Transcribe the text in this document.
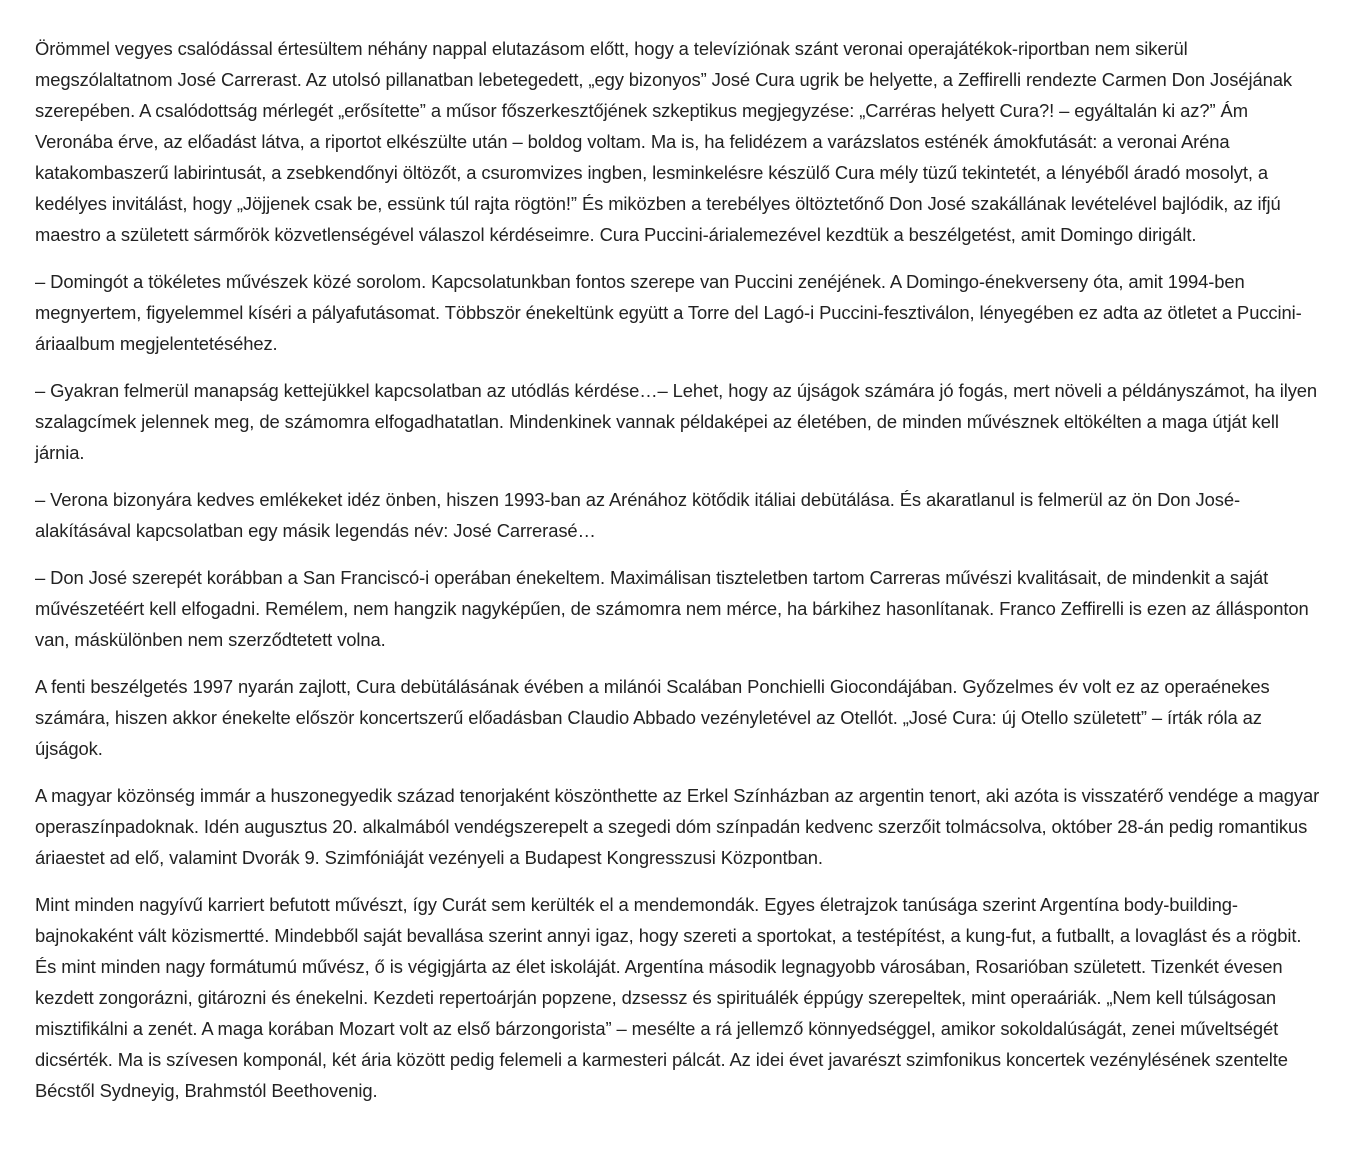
Örömmel vegyes csalódással értesültem néhány nappal elutazásom előtt, hogy a televíziónak szánt veronai operajátékok-riportban nem sikerül megszólaltatnom José Carrerast. Az utolsó pillanatban lebetegedett, „egy bizonyos” José Cura ugrik be helyette, a Zeffirelli rendezte Carmen Don Joséjának szerepében. A csalódottság mérlegét „erősítette” a műsor főszerkesztőjének szkeptikus megjegyzése: „Carréras helyett Cura?! – egyáltalán ki az?” Ám Veronába érve, az előadást látva, a riportot elkészülte után – boldog voltam. Ma is, ha felidézem a varázslatos esténék ámokfutását: a veronai Aréna katakombaszerű labirintusát, a zsebkendőnyi öltözőt, a csuromvizes ingben, lesminkelésre készülő Cura mély tüzű tekintetét, a lényéből áradó mosolyt, a kedélyes invitálást, hogy „Jöjjenek csak be, essünk túl rajta rögtön!” És miközben a terebélyes öltöztetőnő Don José szakállának levételével bajlódik, az ifjú maestro a született sármőrök közvetlenségével válaszol kérdéseimre. Cura Puccini-árialemezével kezdtük a beszélgetést, amit Domingo dirigált.

– Domingót a tökéletes művészek közé sorolom. Kapcsolatunkban fontos szerepe van Puccini zenéjének. A Domingo-énekverseny óta, amit 1994-ben megnyertem, figyelemmel kíséri a pályafutásomat. Többször énekeltünk együtt a Torre del Lagó-i Puccini-fesztiválon, lényegében ez adta az ötletet a Puccini-áriaalbum megjelentetéséhez.

– Gyakran felmerül manapság kettejükkel kapcsolatban az utódlás kérdése…– Lehet, hogy az újságok számára jó fogás, mert növeli a példányszámot, ha ilyen szalagcímek jelennek meg, de számomra elfogadhatatlan. Mindenkinek vannak példaképei az életében, de minden művésznek eltökélten a maga útját kell járnia.

– Verona bizonyára kedves emlékeket idéz önben, hiszen 1993-ban az Arénához kötődik itáliai debütálása. És akaratlanul is felmerül az ön Don José-alakításával kapcsolatban egy másik legendás név: José Carrerasé…

– Don José szerepét korábban a San Franciscó-i operában énekeltem. Maximálisan tiszteletben tartom Carreras művészi kvalitásait, de mindenkit a saját művészetéért kell elfogadni. Remélem, nem hangzik nagyképűen, de számomra nem mérce, ha bárkihez hasonlítanak. Franco Zeffirelli is ezen az állásponton van, máskülönben nem szerződtetett volna.

A fenti beszélgetés 1997 nyarán zajlott, Cura debütálásának évében a milánói Scalában Ponchielli Giocondájában. Győzelmes év volt ez az operaénekes számára, hiszen akkor énekelte először koncertszerű előadásban Claudio Abbado vezényletével az Otellót. „José Cura: új Otello született” – írták róla az újságok.

A magyar közönség immár a huszonegyedik század tenorjaként köszönthette az Erkel Színházban az argentin tenort, aki azóta is visszatérő vendége a magyar operaszínpadoknak. Idén augusztus 20. alkalmából vendégszerepelt a szegedi dóm színpadán kedvenc szerzőit tolmácsolva, október 28-án pedig romantikus áriaestet ad elő, valamint Dvorák 9. Szimfóniáját vezényeli a Budapest Kongresszusi Központban.

Mint minden nagyívű karriert befutott művészt, így Curát sem kerülték el a mendemondák. Egyes életrajzok tanúsága szerint Argentína body-building-bajnokaként vált közismertté. Mindebből saját bevallása szerint annyi igaz, hogy szereti a sportokat, a testépítést, a kung-fut, a futballt, a lovaglást és a rögbit. És mint minden nagy formátumú művész, ő is végigjárta az élet iskoláját. Argentína második legnagyobb városában, Rosarióban született. Tizenkét évesen kezdett zongorázni, gitározni és énekelni. Kezdeti repertoárján popzene, dzsessz és spirituálék éppúgy szerepeltek, mint operaáriák. „Nem kell túlságosan misztifikálni a zenét. A maga korában Mozart volt az első bárzongorista” – mesélte a rá jellemző könnyedséggel, amikor sokoldalúságát, zenei műveltségét dicsérték. Ma is szívesen komponál, két ária között pedig felemeli a karmesteri pálcát. Az idei évet javarészt szimfonikus koncertek vezénylésének szentelte Bécstől Sydneyig, Brahmstól Beethovenig.
